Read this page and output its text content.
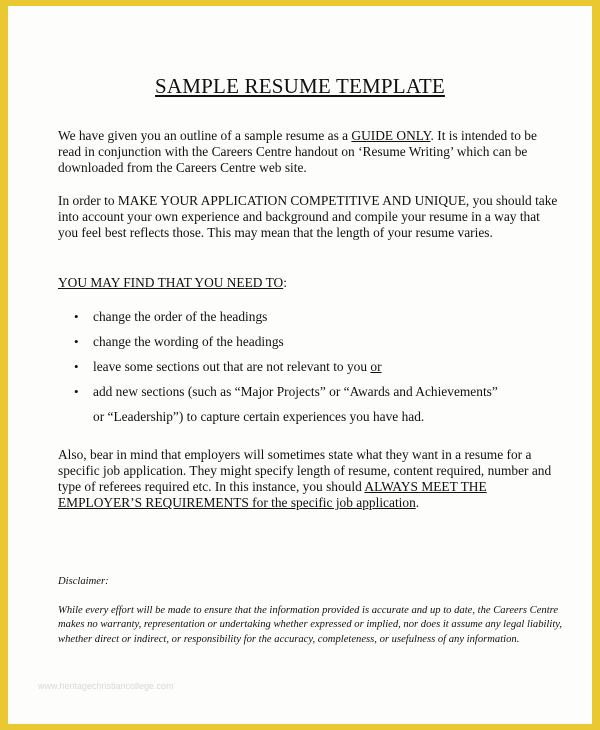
SAMPLE RESUME TEMPLATE
We have given you an outline of a sample resume as a GUIDE ONLY. It is intended to be read in conjunction with the Careers Centre handout on ‘Resume Writing’ which can be downloaded from the Careers Centre web site.
In order to MAKE YOUR APPLICATION COMPETITIVE AND UNIQUE, you should take into account your own experience and background and compile your resume in a way that you feel best reflects those. This may mean that the length of your resume varies.
YOU MAY FIND THAT YOU NEED TO:
• change the order of the headings
• change the wording of the headings
• leave some sections out that are not relevant to you or
• add new sections (such as “Major Projects” or “Awards and Achievements”
or “Leadership”) to capture certain experiences you have had.
Also, bear in mind that employers will sometimes state what they want in a resume for a specific job application. They might specify length of resume, content required, number and type of referees required etc. In this instance, you should ALWAYS MEET THE EMPLOYER’S REQUIREMENTS for the specific job application.
Disclaimer:
While every effort will be made to ensure that the information provided is accurate and up to date, the Careers Centre makes no warranty, representation or undertaking whether expressed or implied, nor does it assume any legal liability, whether direct or indirect, or responsibility for the accuracy, completeness, or usefulness of any information.
www.heritagechristiancollege.com
